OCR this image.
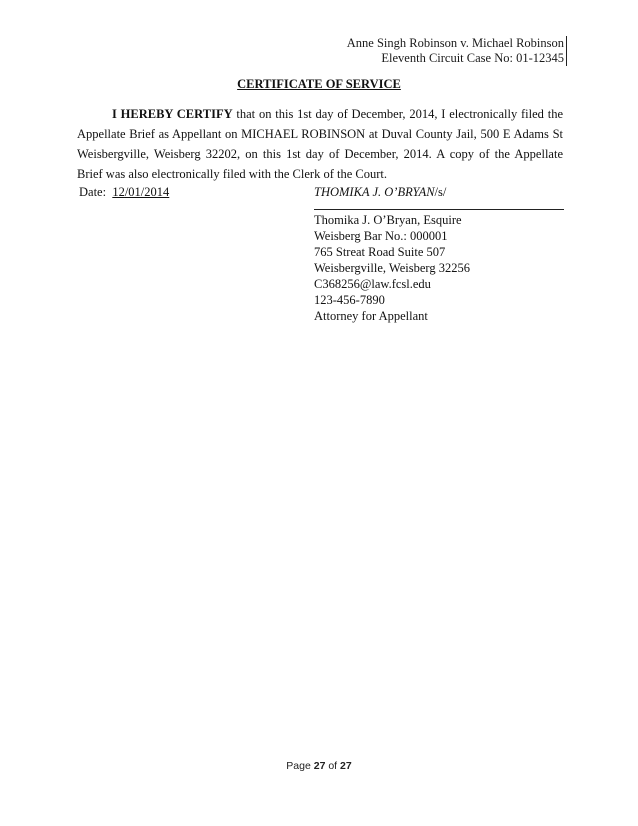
Anne Singh Robinson v. Michael Robinson
Eleventh Circuit Case No: 01-12345
CERTIFICATE OF SERVICE
I HEREBY CERTIFY that on this 1st day of December, 2014, I electronically filed the Appellate Brief as Appellant on MICHAEL ROBINSON at Duval County Jail, 500 E Adams St Weisbergville, Weisberg 32202, on this 1st day of December, 2014. A copy of the Appellate Brief was also electronically filed with the Clerk of the Court.
Date: 12/01/2014	THOMIKA J. O’BRYAN/s/
Thomika J. O’Bryan, Esquire
Weisberg Bar No.: 000001
765 Streat Road Suite 507
Weisbergville, Weisberg 32256
C368256@law.fcsl.edu
123-456-7890
Attorney for Appellant
Page 27 of 27
